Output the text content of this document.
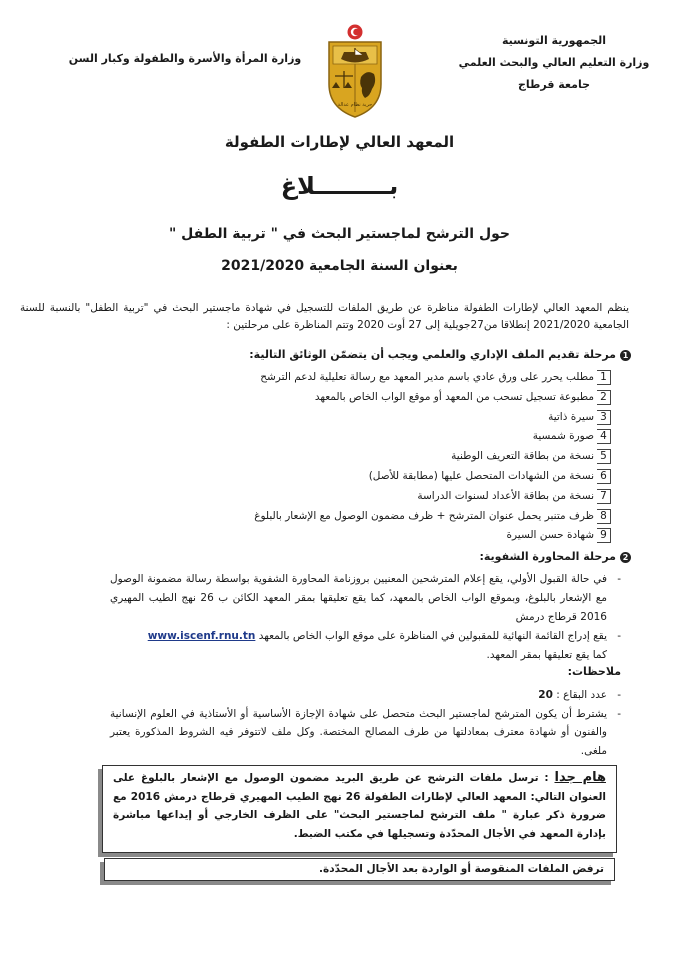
الجمهورية التونسية
وزارة التعليم العالي والبحث العلمي
جامعة قرطاج
حرية نظام عدالة
وزارة المرأة والأسرة والطفولة وكبار السن
المعهد العالي لإطارات الطفولة
بـــــــــلاغ
حول الترشح لماجستير البحث في " تربية الطفل "
بعنوان السنة الجامعية 2021/2020
ينظم المعهد العالي لإطارات الطفولة مناظرة عن طريق الملفات للتسجيل في شهادة ماجستير البحث في "تربية الطفل" بالنسبة للسنة الجامعية 2021/2020 إنطلاقا من27جويلية إلى 27 أوت 2020 وتتم المناظرة على مرحلتين :
1مرحلة تقديم الملف الإداري والعلمي ويجب أن يتضمّن الوثائق التالية:
1مطلب يحرر على ورق عادي باسم مدير المعهد مع رسالة تعليلية لدعم الترشح
2مطبوعة تسجيل تسحب من المعهد أو موقع الواب الخاص بالمعهد
3سيرة ذاتية
4صورة شمسية
5نسخة من بطاقة التعريف الوطنية
6نسخة من الشهادات المتحصل عليها (مطابقة للأصل)
7نسخة من بطاقة الأعداد لسنوات الدراسة
8ظرف متنبر يحمل عنوان المترشح + ظرف مضمون الوصول مع الإشعار بالبلوغ
9شهادة حسن السيرة
2مرحلة المحاورة الشفوية:

-
في حالة القبول الأولي، يقع إعلام المترشحين المعنيين بروزنامة المحاورة الشفوية بواسطة رسالة مضمونة الوصول مع الإشعار بالبلوغ، وبموقع الواب الخاص بالمعهد، كما يقع تعليقها بمقر المعهد الكائن ب 26 نهج الطيب المهيري 2016 قرطاج درمش

-
يقع إدراج القائمة النهائية للمقبولين في المناظرة على موقع الواب الخاص بالمعهد www.iscenf.rnu.tn
كما يقع تعليقها بمقر المعهد.

ملاحظات:

-
عدد البقاع : 20

-
يشترط أن يكون المترشح لماجستير البحث متحصل على شهادة الإجازة الأساسية أو الأستاذية في العلوم الإنسانية والفنون أو شهادة معترف بمعادلتها من طرف المصالح المختصة. وكل ملف لاتتوفر فيه الشروط المذكورة يعتبر ملغى.

هام جدا : ترسل ملفات الترشح عن طريق البريد مضمون الوصول مع الإشعار بالبلوغ على العنوان التالي: المعهد العالي لإطارات الطفولة 26 نهج الطيب المهيري قرطاج درمش 2016 مع ضرورة ذكر عبارة " ملف الترشح لماجستير البحث" على الظرف الخارجي أو إيداعها مباشرة بإدارة المعهد في الأجال المحدّدة وتسجيلها في مكتب الضبط.
ترفض الملفات المنقوصة أو الواردة بعد الأجال المحدّدة.
